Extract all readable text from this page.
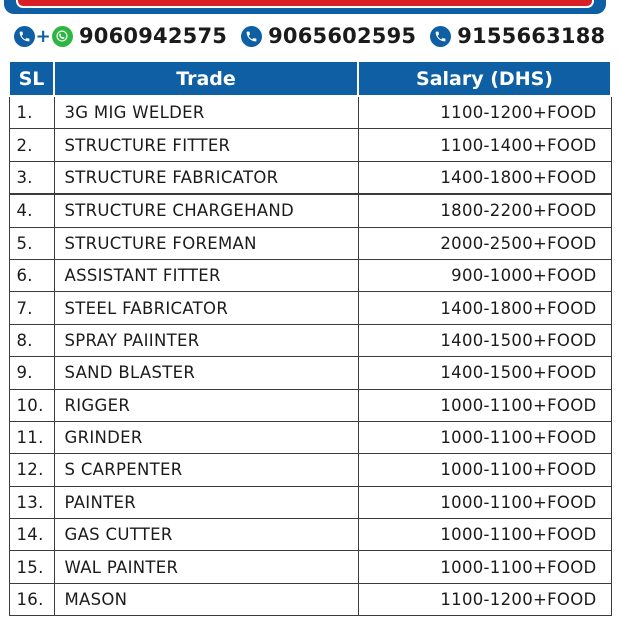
+ 9060942575 9065602595 9155663188
SL	Trade	Salary (DHS)
1.	3G MIG WELDER	1100-1200+FOOD
2.	STRUCTURE FITTER	1100-1400+FOOD
3.	STRUCTURE FABRICATOR	1400-1800+FOOD
4.	STRUCTURE CHARGEHAND	1800-2200+FOOD
5.	STRUCTURE FOREMAN	2000-2500+FOOD
6.	ASSISTANT FITTER	900-1000+FOOD
7.	STEEL FABRICATOR	1400-1800+FOOD
8.	SPRAY PAIINTER	1400-1500+FOOD
9.	SAND BLASTER	1400-1500+FOOD
10.	RIGGER	1000-1100+FOOD
11.	GRINDER	1000-1100+FOOD
12.	S CARPENTER	1000-1100+FOOD
13.	PAINTER	1000-1100+FOOD
14.	GAS CUTTER	1000-1100+FOOD
15.	WAL PAINTER	1000-1100+FOOD
16.	MASON	1100-1200+FOOD
